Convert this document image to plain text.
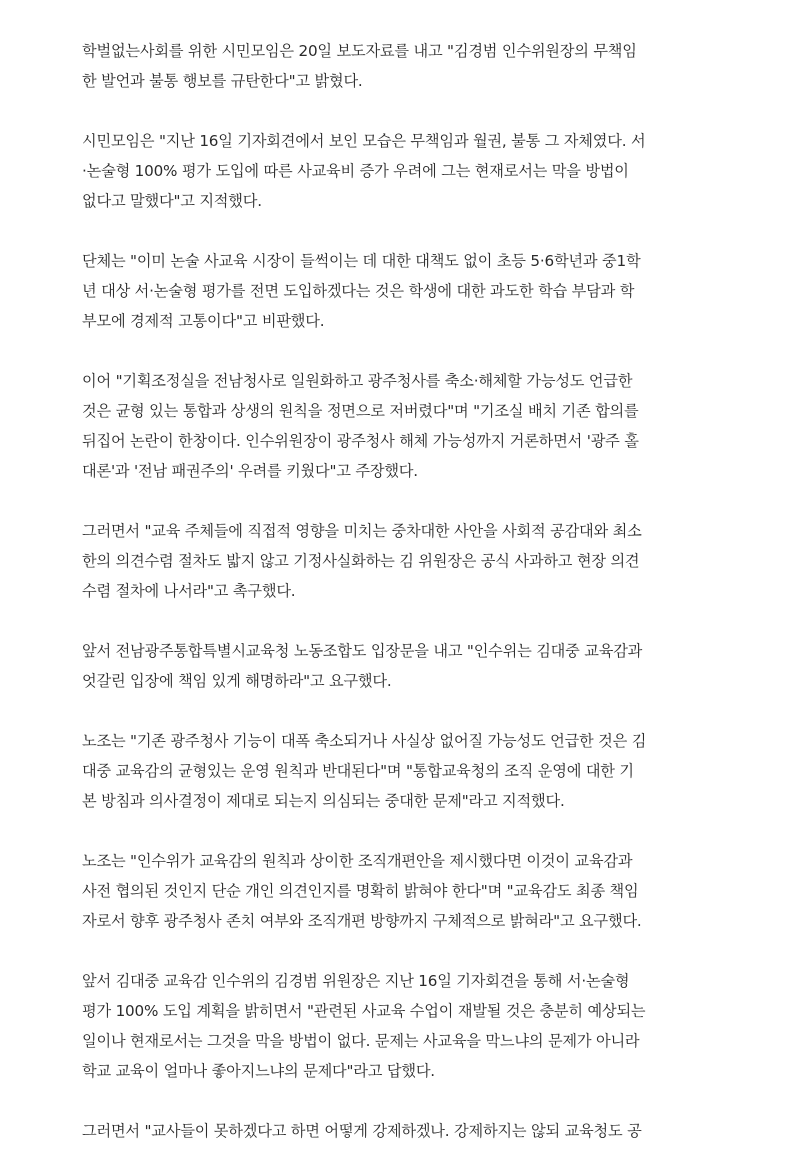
학벌없는사회를 위한 시민모임은 20일 보도자료를 내고 "김경범 인수위원장의 무책임
한 발언과 불통 행보를 규탄한다"고 밝혔다.

시민모임은 "지난 16일 기자회견에서 보인 모습은 무책임과 월권, 불통 그 자체였다. 서
·논술형 100% 평가 도입에 따른 사교육비 증가 우려에 그는 현재로서는 막을 방법이
없다고 말했다"고 지적했다.

단체는 "이미 논술 사교육 시장이 들썩이는 데 대한 대책도 없이 초등 5·6학년과 중1학
년 대상 서·논술형 평가를 전면 도입하겠다는 것은 학생에 대한 과도한 학습 부담과 학
부모에 경제적 고통이다"고 비판했다.

이어 "기획조정실을 전남청사로 일원화하고 광주청사를 축소·해체할 가능성도 언급한
것은 균형 있는 통합과 상생의 원칙을 정면으로 저버렸다"며 "기조실 배치 기존 합의를
뒤집어 논란이 한창이다. 인수위원장이 광주청사 해체 가능성까지 거론하면서 '광주 홀
대론'과 '전남 패권주의' 우려를 키웠다"고 주장했다.

그러면서 "교육 주체들에 직접적 영향을 미치는 중차대한 사안을 사회적 공감대와 최소
한의 의견수렴 절차도 밟지 않고 기정사실화하는 김 위원장은 공식 사과하고 현장 의견
수렴 절차에 나서라"고 촉구했다.

앞서 전남광주통합특별시교육청 노동조합도 입장문을 내고 "인수위는 김대중 교육감과
엇갈린 입장에 책임 있게 해명하라"고 요구했다.

노조는 "기존 광주청사 기능이 대폭 축소되거나 사실상 없어질 가능성도 언급한 것은 김
대중 교육감의 균형있는 운영 원칙과 반대된다"며 "통합교육청의 조직 운영에 대한 기
본 방침과 의사결정이 제대로 되는지 의심되는 중대한 문제"라고 지적했다.

노조는 "인수위가 교육감의 원칙과 상이한 조직개편안을 제시했다면 이것이 교육감과
사전 협의된 것인지 단순 개인 의견인지를 명확히 밝혀야 한다"며 "교육감도 최종 책임
자로서 향후 광주청사 존치 여부와 조직개편 방향까지 구체적으로 밝혀라"고 요구했다.

앞서 김대중 교육감 인수위의 김경범 위원장은 지난 16일 기자회견을 통해 서·논술형
평가 100% 도입 계획을 밝히면서 "관련된 사교육 수업이 재발될 것은 충분히 예상되는
일이나 현재로서는 그것을 막을 방법이 없다. 문제는 사교육을 막느냐의 문제가 아니라
학교 교육이 얼마나 좋아지느냐의 문제다"라고 답했다.

그러면서 "교사들이 못하겠다고 하면 어떻게 강제하겠나. 강제하지는 않되 교육청도 공
